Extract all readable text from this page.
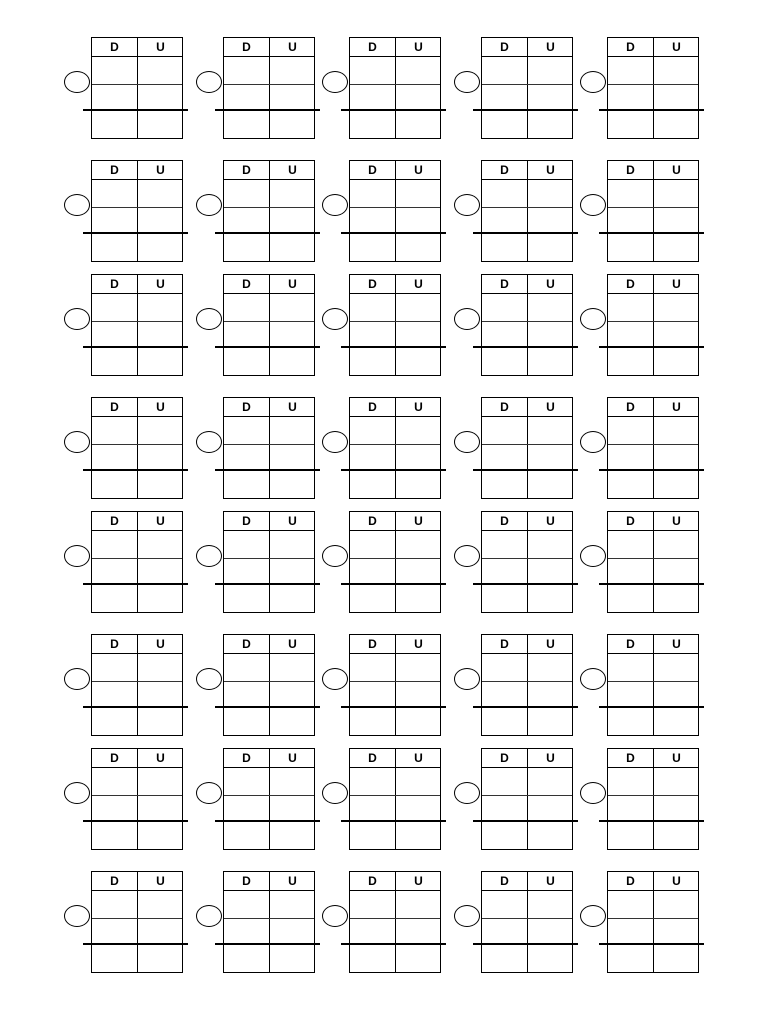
D	U	D	U	D	U	D	U	D	U
D	U	D	U	D	U	D	U	D	U
D	U	D	U	D	U	D	U	D	U
D	U	D	U	D	U	D	U	D	U
D	U	D	U	D	U	D	U	D	U
D	U	D	U	D	U	D	U	D	U
D	U	D	U	D	U	D	U	D	U
D	U	D	U	D	U	D	U	D	U
